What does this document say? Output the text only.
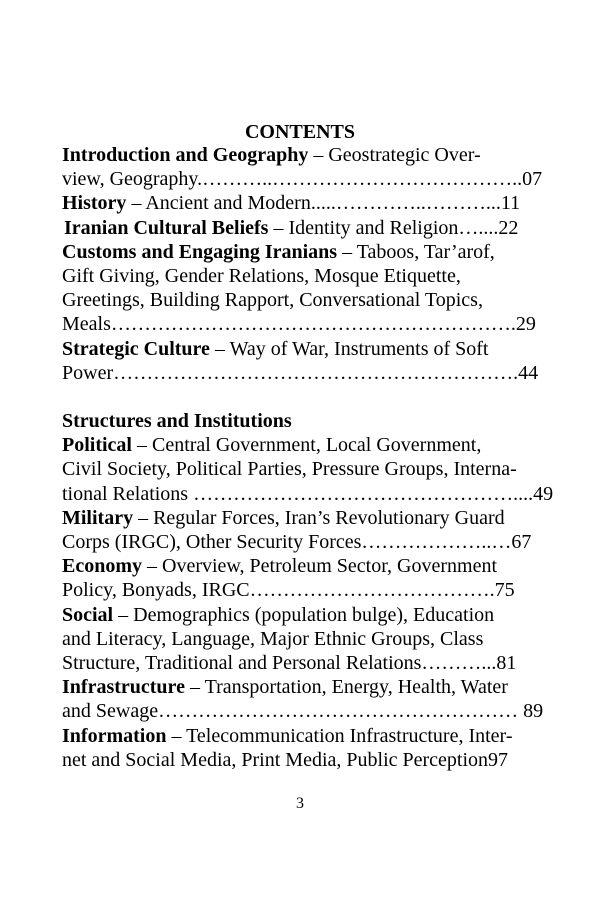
CONTENTS
Introduction and Geography – Geostrategic Over-
view, Geography.………..………………………………..07
History – Ancient and Modern.....…………..………...11
Iranian Cultural Beliefs – Identity and Religion…....22
Customs and Engaging Iranians – Taboos, Tar’arof,
Gift Giving, Gender Relations, Mosque Etiquette,
Greetings, Building Rapport, Conversational Topics,
Meals…………………………………………………….29
Strategic Culture – Way of War, Instruments of Soft
Power…………………………………………………….44
Structures and Institutions
Political – Central Government, Local Government,
Civil Society, Political Parties, Pressure Groups, Interna-
tional Relations …………………………………………....49
Military – Regular Forces, Iran’s Revolutionary Guard
Corps (IRGC), Other Security Forces………………..…67
Economy – Overview, Petroleum Sector, Government
Policy, Bonyads, IRGC……………………………….75
Social – Demographics (population bulge), Education
and Literacy, Language, Major Ethnic Groups, Class
Structure, Traditional and Personal Relations………...81
Infrastructure – Transportation, Energy, Health, Water
and Sewage……………………………………………… 89
Information – Telecommunication Infrastructure, Inter-
net and Social Media, Print Media, Public Perception97
3
